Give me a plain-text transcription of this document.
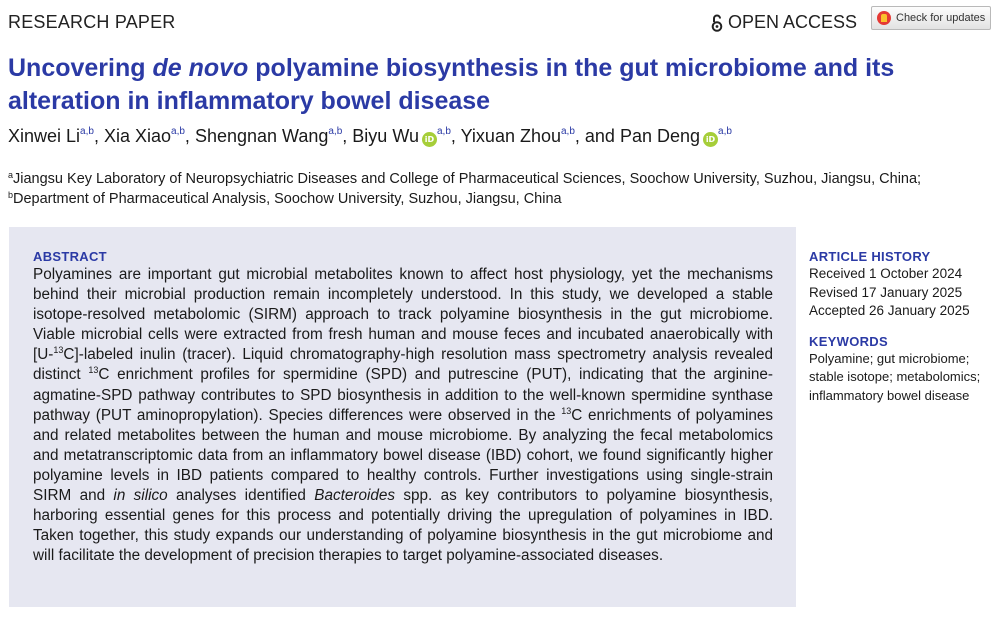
RESEARCH PAPER	OPEN ACCESS	Check for updates
Uncovering de novo polyamine biosynthesis in the gut microbiome and its alteration in inflammatory bowel disease
Xinwei Li$^{a,b}$, Xia Xiao$^{a,b}$, Shengnan Wang$^{a,b}$, Biyu Wu iD$^{a,b}$, Yixuan Zhou$^{a,b}$, and Pan Deng iD$^{a,b}$
$^a$Jiangsu Key Laboratory of Neuropsychiatric Diseases and College of Pharmaceutical Sciences, Soochow University, Suzhou, Jiangsu, China;
$^b$Department of Pharmaceutical Analysis, Soochow University, Suzhou, Jiangsu, China
ABSTRACT

Polyamines are important gut microbial metabolites known to affect host physiology, yet the mechanisms behind their microbial production remain incompletely understood. In this study, we developed a stable isotope-resolved metabolomic (SIRM) approach to track polyamine biosynthesis in the gut microbiome. Viable microbial cells were extracted from fresh human and mouse feces and incubated anaerobically with [U-$^{13}$C]-labeled inulin (tracer). Liquid chromatography-high resolution mass spectrometry analysis revealed distinct $^{13}$C enrichment profiles for spermidine (SPD) and putrescine (PUT), indicating that the arginine-agmatine-SPD pathway contributes to SPD biosynthesis in addition to the well-known spermidine synthase pathway (PUT aminopropylation). Species differences were observed in the $^{13}$C enrichments of polyamines and related metabolites between the human and mouse microbiome. By analyzing the fecal metabolomics and metatranscriptomic data from an inflammatory bowel disease (IBD) cohort, we found significantly higher polyamine levels in IBD patients compared to healthy controls. Further investigations using single-strain SIRM and in silico analyses identified Bacteroides spp. as key contributors to polyamine biosynthesis, harboring essential genes for this process and potentially driving the upregulation of polyamines in IBD. Taken together, this study expands our understanding of polyamine biosynthesis in the gut microbiome and will facilitate the development of precision therapies to target polyamine-associated diseases.

ARTICLE HISTORY
Received 1 October 2024
Revised 17 January 2025
Accepted 26 January 2025
KEYWORDS
Polyamine; gut microbiome; stable isotope; metabolomics; inflammatory bowel disease
